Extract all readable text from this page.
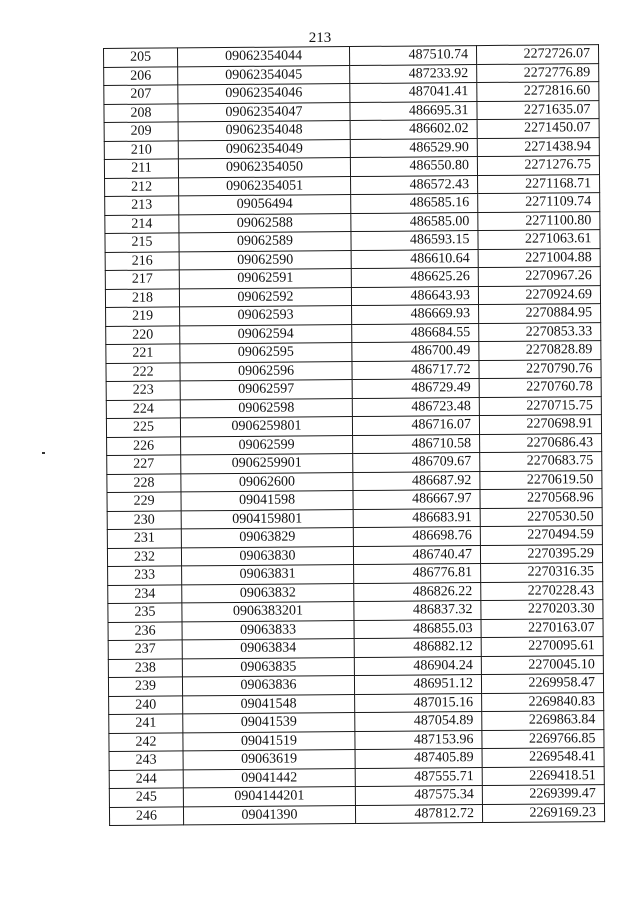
213
205	09062354044	487510.74	2272726.07
206	09062354045	487233.92	2272776.89
207	09062354046	487041.41	2272816.60
208	09062354047	486695.31	2271635.07
209	09062354048	486602.02	2271450.07
210	09062354049	486529.90	2271438.94
211	09062354050	486550.80	2271276.75
212	09062354051	486572.43	2271168.71
213	09056494	486585.16	2271109.74
214	09062588	486585.00	2271100.80
215	09062589	486593.15	2271063.61
216	09062590	486610.64	2271004.88
217	09062591	486625.26	2270967.26
218	09062592	486643.93	2270924.69
219	09062593	486669.93	2270884.95
220	09062594	486684.55	2270853.33
221	09062595	486700.49	2270828.89
222	09062596	486717.72	2270790.76
223	09062597	486729.49	2270760.78
224	09062598	486723.48	2270715.75
225	0906259801	486716.07	2270698.91
226	09062599	486710.58	2270686.43
227	0906259901	486709.67	2270683.75
228	09062600	486687.92	2270619.50
229	09041598	486667.97	2270568.96
230	0904159801	486683.91	2270530.50
231	09063829	486698.76	2270494.59
232	09063830	486740.47	2270395.29
233	09063831	486776.81	2270316.35
234	09063832	486826.22	2270228.43
235	0906383201	486837.32	2270203.30
236	09063833	486855.03	2270163.07
237	09063834	486882.12	2270095.61
238	09063835	486904.24	2270045.10
239	09063836	486951.12	2269958.47
240	09041548	487015.16	2269840.83
241	09041539	487054.89	2269863.84
242	09041519	487153.96	2269766.85
243	09063619	487405.89	2269548.41
244	09041442	487555.71	2269418.51
245	0904144201	487575.34	2269399.47
246	09041390	487812.72	2269169.23
